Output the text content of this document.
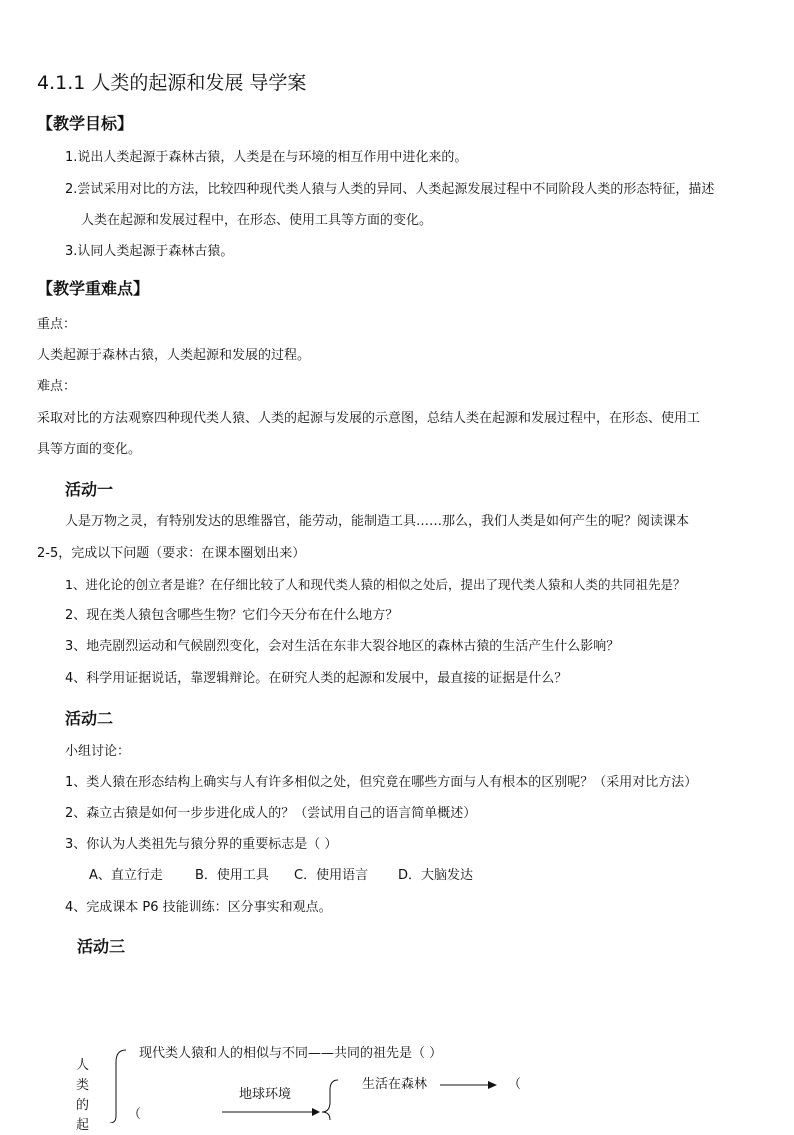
4.1.1 人类的起源和发展 导学案
【教学目标】
1.说出人类起源于森林古猿，人类是在与环境的相互作用中进化来的。
2.尝试采用对比的方法，比较四种现代类人猿与人类的异同、人类起源发展过程中不同阶段人类的形态特征，描述
人类在起源和发展过程中，在形态、使用工具等方面的变化。
3.认同人类起源于森林古猿。
【教学重难点】
重点：
人类起源于森林古猿，人类起源和发展的过程。
难点：
采取对比的方法观察四种现代类人猿、人类的起源与发展的示意图，总结人类在起源和发展过程中，在形态、使用工
具等方面的变化。
活动一
人是万物之灵，有特别发达的思维器官，能劳动，能制造工具……那么，我们人类是如何产生的呢？阅读课本
2-5，完成以下问题（要求：在课本圈划出来）
1、进化论的创立者是谁？在仔细比较了人和现代类人猿的相似之处后，提出了现代类人猿和人类的共同祖先是？
2、现在类人猿包含哪些生物？它们今天分布在什么地方？
3、地壳剧烈运动和气候剧烈变化，会对生活在东非大裂谷地区的森林古猿的生活产生什么影响？
4、科学用证据说话，靠逻辑辩论。在研究人类的起源和发展中，最直接的证据是什么？
活动二
小组讨论：
1、类人猿在形态结构上确实与人有许多相似之处，但究竟在哪些方面与人有根本的区别呢？（采用对比方法）
2、森立古猿是如何一步步进化成人的？（尝试用自己的语言简单概述）
3、你认为人类祖先与猿分界的重要标志是（ ）
A、直立行走 B．使用工具 C．使用语言 D．大脑发达
4、完成课本 P6 技能训练：区分事实和观点。
活动三
人
类
的
起
现代类人猿和人的相似与不同——共同的祖先是（ ）
地球环境
生活在森林	（
（
